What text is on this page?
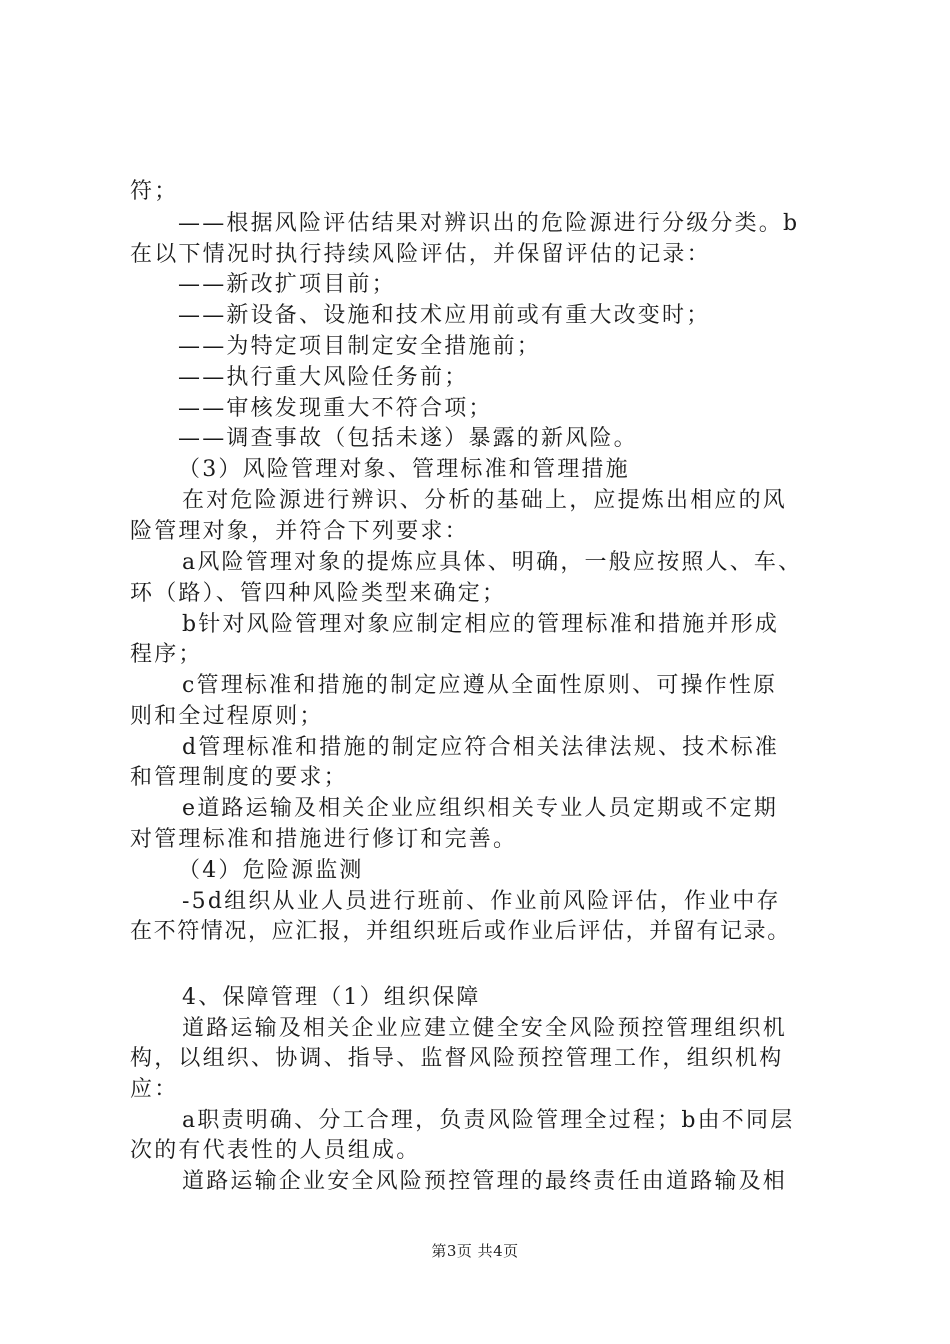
符；
——根据风险评估结果对辨识出的危险源进行分级分类。b
在以下情况时执行持续风险评估，并保留评估的记录：
——新改扩项目前；
——新设备、设施和技术应用前或有重大改变时；
——为特定项目制定安全措施前；
——执行重大风险任务前；
——审核发现重大不符合项；
——调查事故（包括未遂）暴露的新风险。
（3）风险管理对象、管理标准和管理措施
在对危险源进行辨识、分析的基础上，应提炼出相应的风
险管理对象，并符合下列要求：
a风险管理对象的提炼应具体、明确，一般应按照人、车、
环（路）、管四种风险类型来确定；
b针对风险管理对象应制定相应的管理标准和措施并形成
程序；
c管理标准和措施的制定应遵从全面性原则、可操作性原
则和全过程原则；
d管理标准和措施的制定应符合相关法律法规、技术标准
和管理制度的要求；
e道路运输及相关企业应组织相关专业人员定期或不定期
对管理标准和措施进行修订和完善。
（4）危险源监测
-5d组织从业人员进行班前、作业前风险评估，作业中存
在不符情况，应汇报，并组织班后或作业后评估，并留有记录。
4、保障管理（1）组织保障
道路运输及相关企业应建立健全安全风险预控管理组织机
构，以组织、协调、指导、监督风险预控管理工作，组织机构
应：
a职责明确、分工合理，负责风险管理全过程；b由不同层
次的有代表性的人员组成。
道路运输企业安全风险预控管理的最终责任由道路输及相
第3页 共4页
